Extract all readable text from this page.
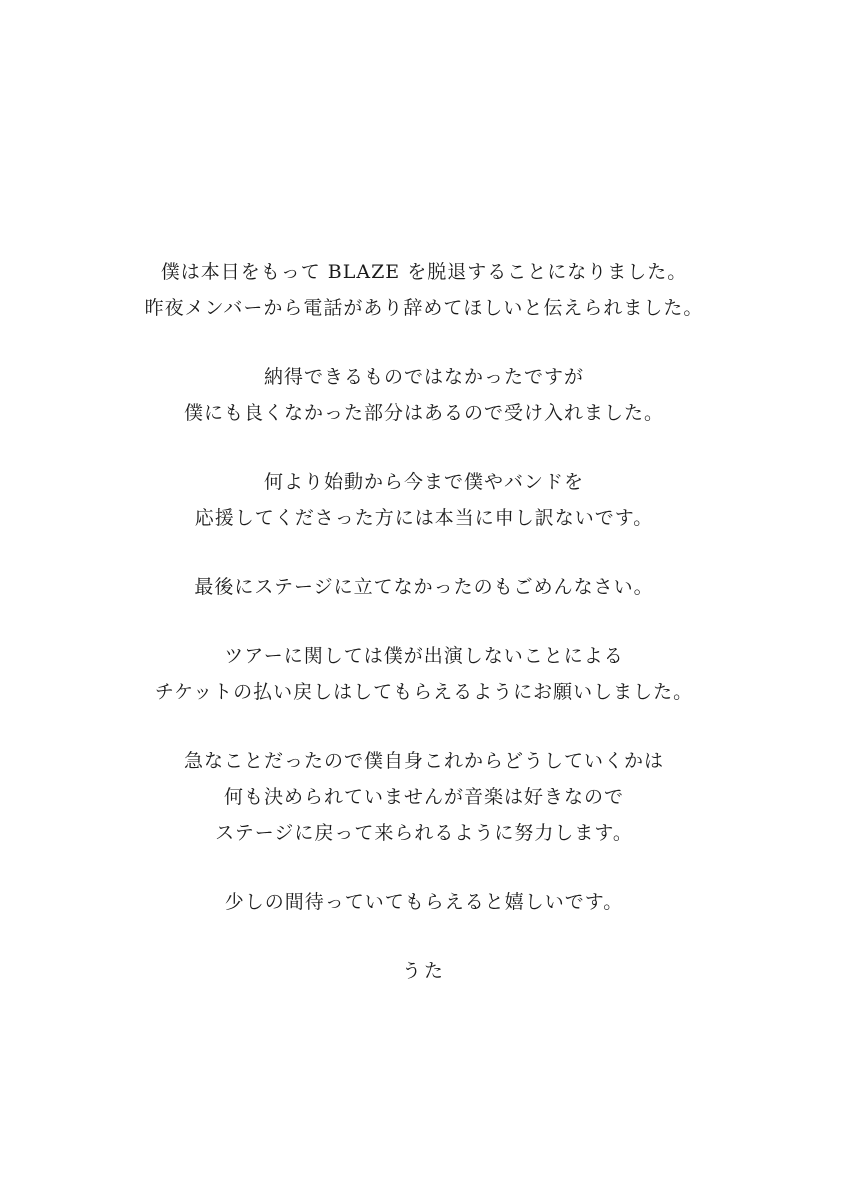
僕は本日をもって BLAZE を脱退することになりました。
昨夜メンバーから電話があり辞めてほしいと伝えられました。
納得できるものではなかったですが
僕にも良くなかった部分はあるので受け入れました。
何より始動から今まで僕やバンドを
応援してくださった方には本当に申し訳ないです。
最後にステージに立てなかったのもごめんなさい。
ツアーに関しては僕が出演しないことによる
チケットの払い戻しはしてもらえるようにお願いしました。
急なことだったので僕自身これからどうしていくかは
何も決められていませんが音楽は好きなので
ステージに戻って来られるように努力します。
少しの間待っていてもらえると嬉しいです。
うた
